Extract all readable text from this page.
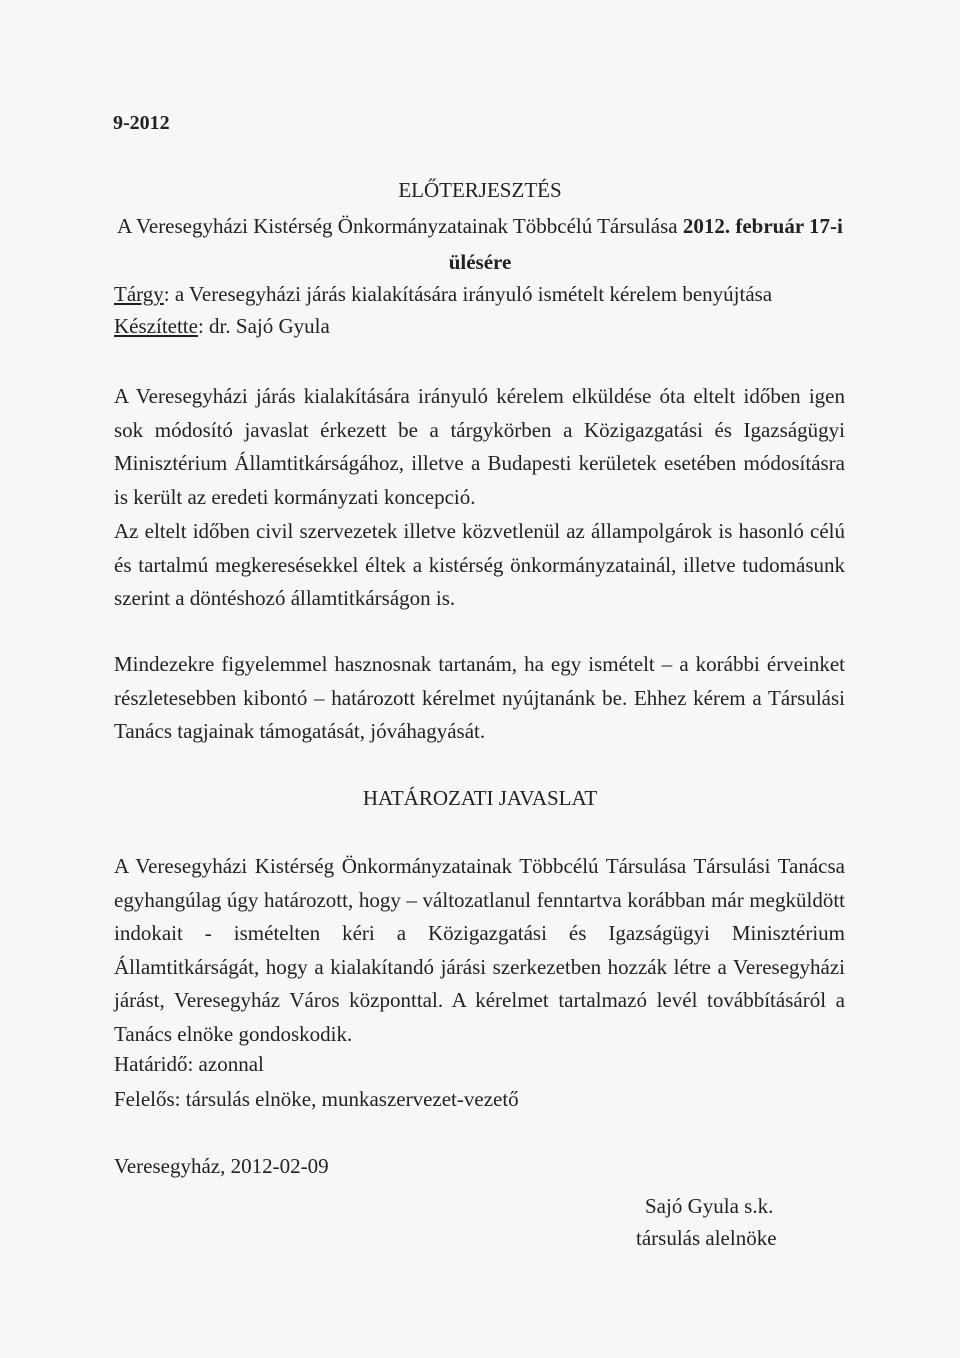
9-2012
ELŐTERJESZTÉS
A Veresegyházi Kistérség Önkormányzatainak Többcélú Társulása 2012. február 17-i
ülésére
Tárgy: a Veresegyházi járás kialakítására irányuló ismételt kérelem benyújtása
Készítette: dr. Sajó Gyula
A Veresegyházi járás kialakítására irányuló kérelem elküldése óta eltelt időben igen sok módosító javaslat érkezett be a tárgykörben a Közigazgatási és Igazságügyi Minisztérium Államtitkárságához, illetve a Budapesti kerületek esetében módosításra is került az eredeti kormányzati koncepció.
Az eltelt időben civil szervezetek illetve közvetlenül az állampolgárok is hasonló célú és tartalmú megkeresésekkel éltek a kistérség önkormányzatainál, illetve tudomásunk szerint a döntéshozó államtitkárságon is.
Mindezekre figyelemmel hasznosnak tartanám, ha egy ismételt – a korábbi érveinket részletesebben kibontó – határozott kérelmet nyújtanánk be. Ehhez kérem a Társulási Tanács tagjainak támogatását, jóváhagyását.
HATÁROZATI JAVASLAT
A Veresegyházi Kistérség Önkormányzatainak Többcélú Társulása Társulási Tanácsa egyhangúlag úgy határozott, hogy – változatlanul fenntartva korábban már megküldött indokait - ismételten kéri a Közigazgatási és Igazságügyi Minisztérium Államtitkárságát, hogy a kialakítandó járási szerkezetben hozzák létre a Veresegyházi járást, Veresegyház Város központtal. A kérelmet tartalmazó levél továbbításáról a Tanács elnöke gondoskodik.
Határidő: azonnal
Felelős: társulás elnöke, munkaszervezet-vezető
Veresegyház, 2012-02-09
Sajó Gyula s.k.
társulás alelnöke
